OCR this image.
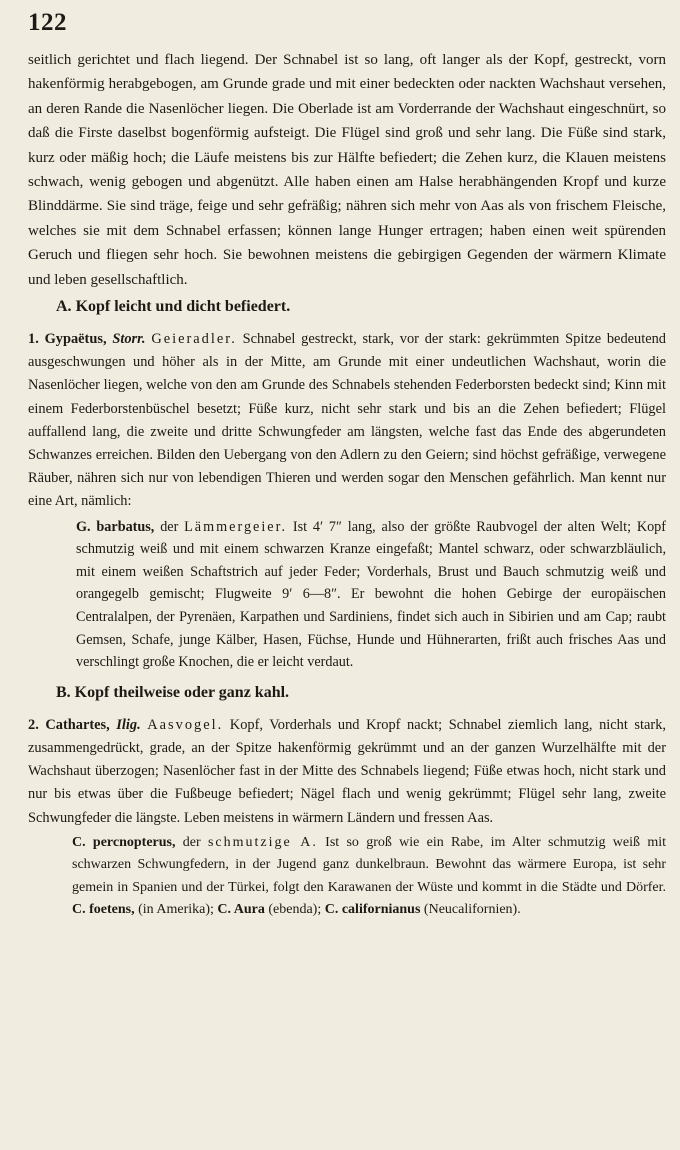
122

seitlich gerichtet und flach liegend. Der Schnabel ist so lang, oft langer als der Kopf, gestreckt, vorn hakenförmig herabgebogen, am Grunde grade und mit einer bedeckten oder nackten Wachshaut versehen, an deren Rande die Nasenlöcher liegen. Die Oberlade ist am Vorderrande der Wachshaut eingeschnürt, so daß die Firste daselbst bogenförmig aufsteigt. Die Flügel sind groß und sehr lang. Die Füße sind stark, kurz oder mäßig hoch; die Läufe meistens bis zur Hälfte befiedert; die Zehen kurz, die Klauen meistens schwach, wenig gebogen und abgenützt. Alle haben einen am Halse herabhängenden Kropf und kurze Blinddärme. Sie sind träge, feige und sehr gefräßig; nähren sich mehr von Aas als von frischem Fleische, welches sie mit dem Schnabel erfassen; können lange Hunger ertragen; haben einen weit spürenden Geruch und fliegen sehr hoch. Sie bewohnen meistens die gebirgigen Gegenden der wärmern Klimate und leben gesellschaftlich.

A. Kopf leicht und dicht befiedert.

1. Gypaëtus, Storr. Geieradler. Schnabel gestreckt, stark, vor der stark: gekrümmten Spitze bedeutend ausgeschwungen und höher als in der Mitte, am Grunde mit einer undeutlichen Wachshaut, worin die Nasenlöcher liegen, welche von den am Grunde des Schnabels stehenden Federborsten bedeckt sind; Kinn mit einem Federborstenbüschel besetzt; Füße kurz, nicht sehr stark und bis an die Zehen befiedert; Flügel auffallend lang, die zweite und dritte Schwungfeder am längsten, welche fast das Ende des abgerundeten Schwanzes erreichen. Bilden den Uebergang von den Adlern zu den Geiern; sind höchst gefräßige, verwegene Räuber, nähren sich nur von lebendigen Thieren und werden sogar den Menschen gefährlich. Man kennt nur eine Art, nämlich:

G. barbatus, der Lämmergeier. Ist 4′ 7″ lang, also der größte Raubvogel der alten Welt; Kopf schmutzig weiß und mit einem schwarzen Kranze eingefaßt; Mantel schwarz, oder schwarzbläulich, mit einem weißen Schaftstrich auf jeder Feder; Vorderhals, Brust und Bauch schmutzig weiß und orangegelb gemischt; Flugweite 9′ 6—8″. Er bewohnt die hohen Gebirge der europäischen Centralalpen, der Pyrenäen, Karpathen und Sardiniens, findet sich auch in Sibirien und am Cap; raubt Gemsen, Schafe, junge Kälber, Hasen, Füchse, Hunde und Hühnerarten, frißt auch frisches Aas und verschlingt große Knochen, die er leicht verdaut.

B. Kopf theilweise oder ganz kahl.

2. Cathartes, Ilig. Aasvogel. Kopf, Vorderhals und Kropf nackt; Schnabel ziemlich lang, nicht stark, zusammengedrückt, grade, an der Spitze hakenförmig gekrümmt und an der ganzen Wurzelhälfte mit der Wachshaut überzogen; Nasenlöcher fast in der Mitte des Schnabels liegend; Füße etwas hoch, nicht stark und nur bis etwas über die Fußbeuge befiedert; Nägel flach und wenig gekrümmt; Flügel sehr lang, zweite Schwungfeder die längste. Leben meistens in wärmern Ländern und fressen Aas.

C. percnopterus, der schmutzige A. Ist so groß wie ein Rabe, im Alter schmutzig weiß mit schwarzen Schwungfedern, in der Jugend ganz dunkelbraun. Bewohnt das wärmere Europa, ist sehr gemein in Spanien und der Türkei, folgt den Karawanen der Wüste und kommt in die Städte und Dörfer. C. foetens, (in Amerika); C. Aura (ebenda); C. californianus (Neucalifornien).
